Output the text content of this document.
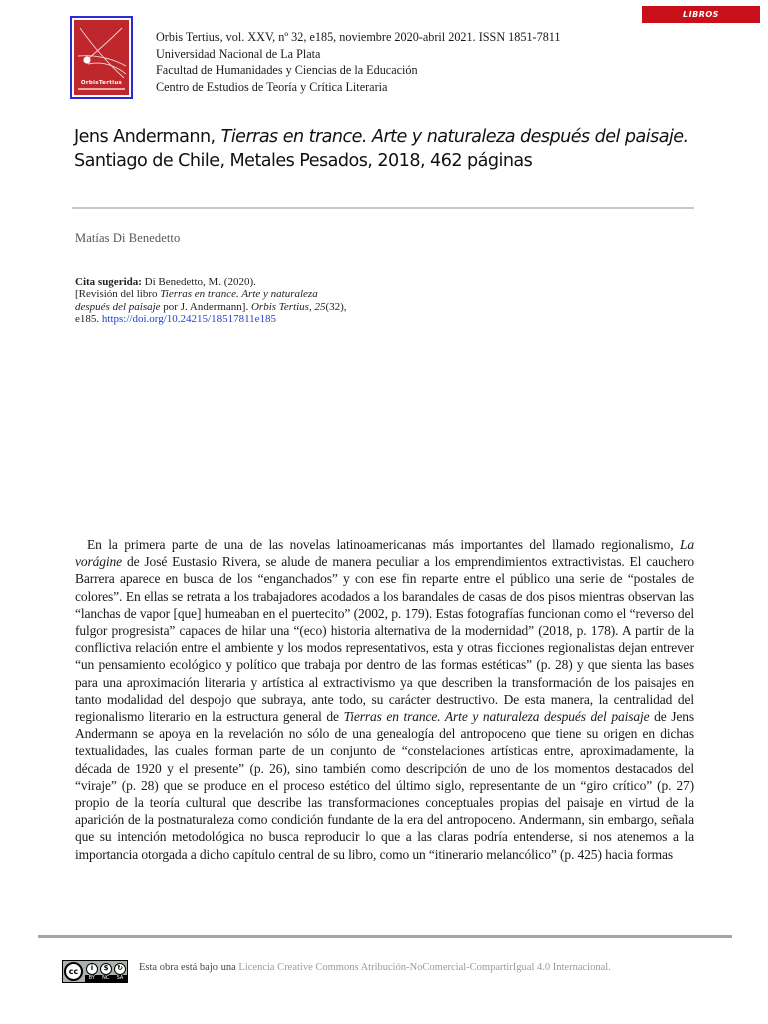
LIBROS
OrbisTertius
Orbis Tertius, vol. XXV, nº 32, e185, noviembre 2020-abril 2021. ISSN 1851-7811
Universidad Nacional de La Plata
Facultad de Humanidades y Ciencias de la Educación
Centro de Estudios de Teoría y Crítica Literaria
Jens Andermann, Tierras en trance. Arte y naturaleza después del paisaje. Santiago de Chile, Metales Pesados, 2018, 462 páginas
Matías Di Benedetto
Cita sugerida: Di Benedetto, M. (2020).
[Revisión del libro Tierras en trance. Arte y naturaleza después del paisaje por J. Andermann]. Orbis Tertius, 25(32), e185. https://doi.org/10.24215/18517811e185
En la primera parte de una de las novelas latinoamericanas más importantes del llamado regionalismo, La vorágine de José Eustasio Rivera, se alude de manera peculiar a los emprendimientos extractivistas. El cauchero Barrera aparece en busca de los “enganchados” y con ese fin reparte entre el público una serie de “postales de colores”. En ellas se retrata a los trabajadores acodados a los barandales de casas de dos pisos mientras observan las “lanchas de vapor [que] humeaban en el puertecito” (2002, p. 179). Estas fotografías funcionan como el “reverso del fulgor progresista” capaces de hilar una “(eco) historia alternativa de la modernidad” (2018, p. 178). A partir de la conflictiva relación entre el ambiente y los modos representativos, esta y otras ficciones regionalistas dejan entrever “un pensamiento ecológico y político que trabaja por dentro de las formas estéticas” (p. 28) y que sienta las bases para una aproximación literaria y artística al extractivismo ya que describen la transformación de los paisajes en tanto modalidad del despojo que subraya, ante todo, su carácter destructivo. De esta manera, la centralidad del regionalismo literario en la estructura general de Tierras en trance. Arte y naturaleza después del paisaje de Jens Andermann se apoya en la revelación no sólo de una genealogía del antropoceno que tiene su origen en dichas textualidades, las cuales forman parte de un conjunto de “constelaciones artísticas entre, aproximadamente, la década de 1920 y el presente” (p. 26), sino también como descripción de uno de los momentos destacados del “viraje” (p. 28) que se produce en el proceso estético del último siglo, representante de un “giro crítico” (p. 27) propio de la teoría cultural que describe las transformaciones conceptuales propias del paisaje en virtud de la aparición de la postnaturaleza como condición fundante de la era del antropoceno. Andermann, sin embargo, señala que su intención metodológica no busca reproducir lo que a las claras podría entenderse, si nos atenemos a la importancia otorgada a dicho capítulo central de su libro, como un “itinerario melancólico” (p. 425) hacia formas
cc	i	$	↻
BY NC SA
Esta obra está bajo una Licencia Creative Commons Atribución-NoComercial-CompartirIgual 4.0 Internacional.
